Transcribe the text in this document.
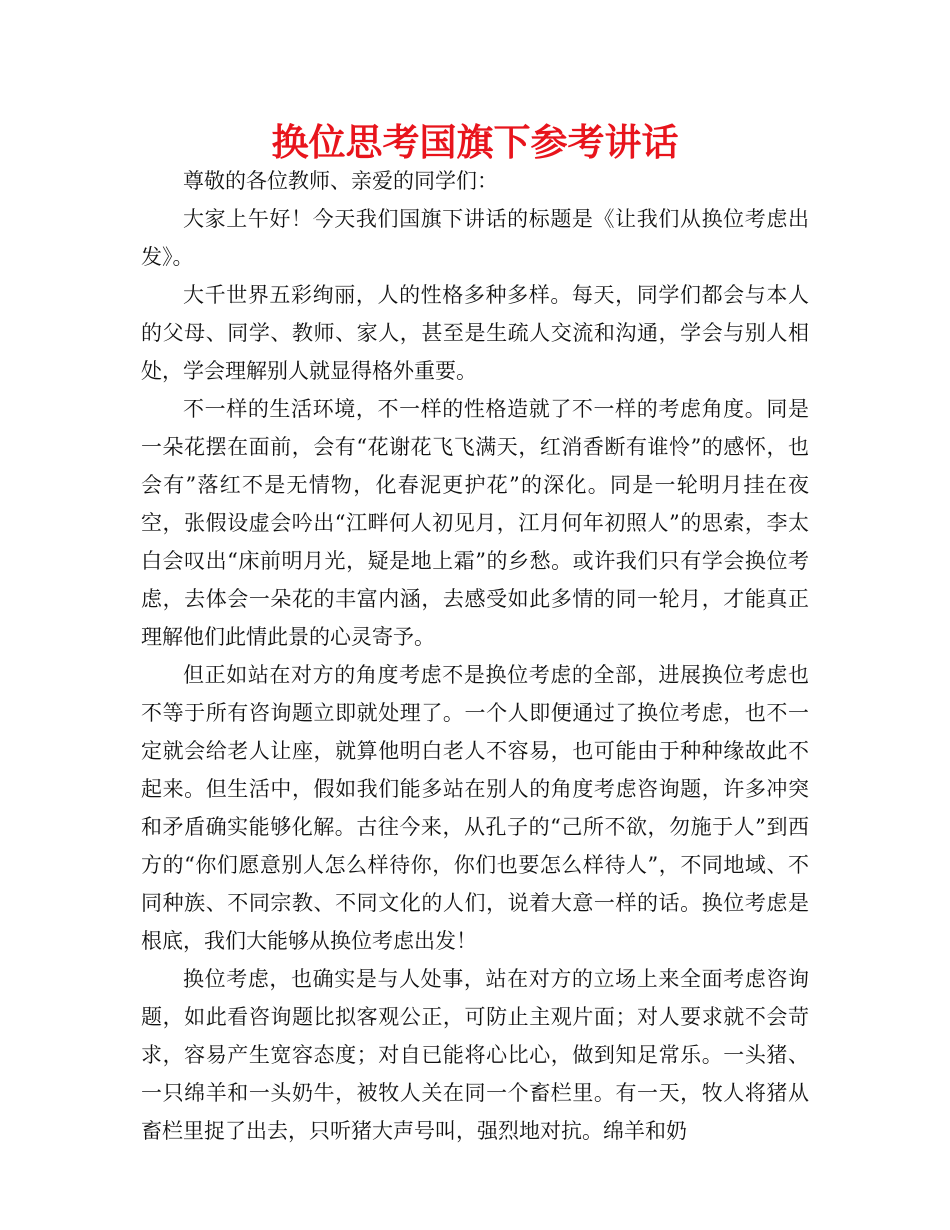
换位思考国旗下参考讲话

尊敬的各位教师、亲爱的同学们：

大家上午好！今天我们国旗下讲话的标题是《让我们从换位考虑出发》。

大千世界五彩绚丽，人的性格多种多样。每天，同学们都会与本人的父母、同学、教师、家人，甚至是生疏人交流和沟通，学会与别人相处，学会理解别人就显得格外重要。

不一样的生活环境，不一样的性格造就了不一样的考虑角度。同是一朵花摆在面前，会有“花谢花飞飞满天，红消香断有谁怜”的感怀，也会有”落红不是无情物，化春泥更护花”的深化。同是一轮明月挂在夜空，张假设虚会吟出“江畔何人初见月，江月何年初照人”的思索，李太白会叹出“床前明月光，疑是地上霜”的乡愁。或许我们只有学会换位考虑，去体会一朵花的丰富内涵，去感受如此多情的同一轮月，才能真正理解他们此情此景的心灵寄予。

但正如站在对方的角度考虑不是换位考虑的全部，进展换位考虑也不等于所有咨询题立即就处理了。一个人即便通过了换位考虑，也不一定就会给老人让座，就算他明白老人不容易，也可能由于种种缘故此不起来。但生活中，假如我们能多站在别人的角度考虑咨询题，许多冲突和矛盾确实能够化解。古往今来，从孔子的“己所不欲，勿施于人”到西方的“你们愿意别人怎么样待你，你们也要怎么样待人”，不同地域、不同种族、不同宗教、不同文化的人们，说着大意一样的话。换位考虑是根底，我们大能够从换位考虑出发！

换位考虑，也确实是与人处事，站在对方的立场上来全面考虑咨询题，如此看咨询题比拟客观公正，可防止主观片面；对人要求就不会苛求，容易产生宽容态度；对自已能将心比心，做到知足常乐。一头猪、一只绵羊和一头奶牛，被牧人关在同一个畜栏里。有一天，牧人将猪从畜栏里捉了出去，只听猪大声号叫，强烈地对抗。绵羊和奶
